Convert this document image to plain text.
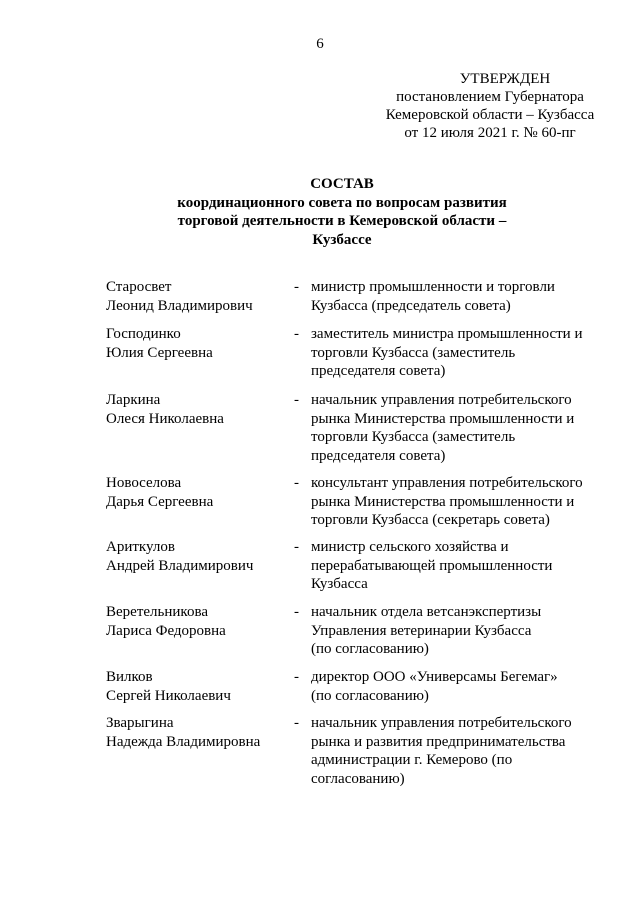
6
УТВЕРЖДЕН
постановлением Губернатора
Кемеровской области – Кузбасса
от 12 июля 2021 г. № 60-пг
СОСТАВ
координационного совета по вопросам развития
торговой деятельности в Кемеровской области –
Кузбассе
Старосвет
Леонид Владимирович
- министр промышленности и торговли
Кузбасса (председатель совета)
Господинко
Юлия Сергеевна
- заместитель министра промышленности и
торговли Кузбасса (заместитель
председателя совета)
Ларкина
Олеся Николаевна
- начальник управления потребительского
рынка Министерства промышленности и
торговли Кузбасса (заместитель
председателя совета)
Новоселова
Дарья Сергеевна
- консультант управления потребительского
рынка Министерства промышленности и
торговли Кузбасса (секретарь совета)
Ариткулов
Андрей Владимирович
- министр сельского хозяйства и
перерабатывающей промышленности
Кузбасса
Веретельникова
Лариса Федоровна
- начальник отдела ветсанэкспертизы
Управления ветеринарии Кузбасса
(по согласованию)
Вилков
Сергей Николаевич
- директор ООО «Универсамы Бегемаг»
(по согласованию)
Зварыгина
Надежда Владимировна
- начальник управления потребительского
рынка и развития предпринимательства
администрации г. Кемерово (по
согласованию)
